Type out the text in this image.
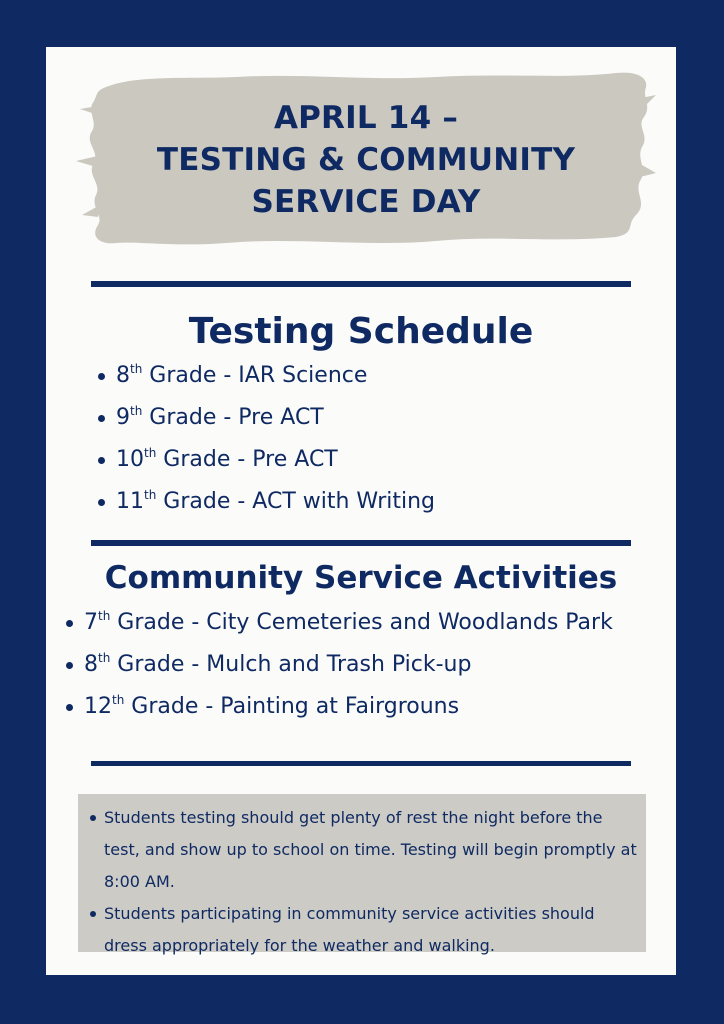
APRIL 14 –
TESTING & COMMUNITY
SERVICE DAY
Testing Schedule
8th Grade - IAR Science
9th Grade - Pre ACT
10th Grade - Pre ACT
11th Grade - ACT with Writing
Community Service Activities
7th Grade - City Cemeteries and Woodlands Park
8th Grade - Mulch and Trash Pick-up
12th Grade - Painting at Fairgrouns
Students testing should get plenty of rest the night before the test, and show up to school on time. Testing will begin promptly at 8:00 AM.
Students participating in community service activities should dress appropriately for the weather and walking.
